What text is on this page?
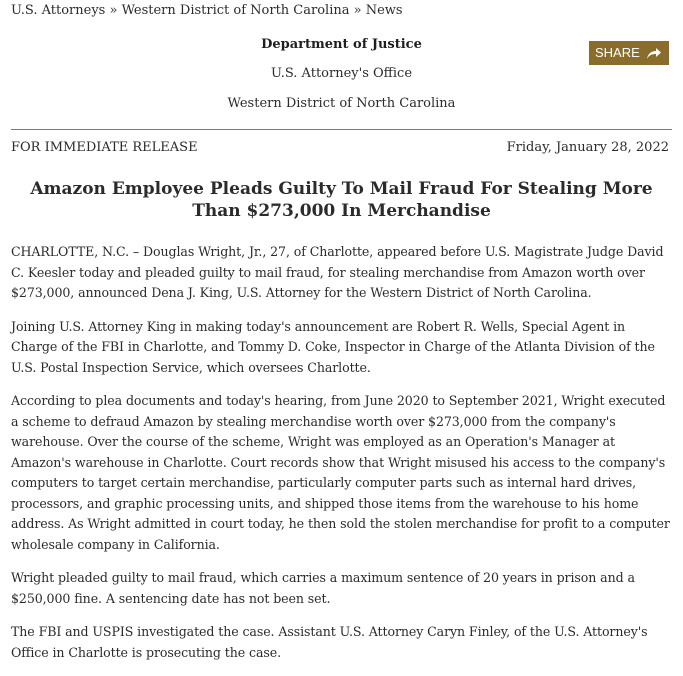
U.S. Attorneys » Western District of North Carolina » News
Department of Justice
U.S. Attorney's Office
Western District of North Carolina
SHARE
FOR IMMEDIATE RELEASE	Friday, January 28, 2022
Amazon Employee Pleads Guilty To Mail Fraud For Stealing More Than $273,000 In Merchandise

CHARLOTTE, N.C. – Douglas Wright, Jr., 27, of Charlotte, appeared before U.S. Magistrate Judge David C. Keesler today and pleaded guilty to mail fraud, for stealing merchandise from Amazon worth over $273,000, announced Dena J. King, U.S. Attorney for the Western District of North Carolina.

Joining U.S. Attorney King in making today's announcement are Robert R. Wells, Special Agent in Charge of the FBI in Charlotte, and Tommy D. Coke, Inspector in Charge of the Atlanta Division of the U.S. Postal Inspection Service, which oversees Charlotte.

According to plea documents and today's hearing, from June 2020 to September 2021, Wright executed a scheme to defraud Amazon by stealing merchandise worth over $273,000 from the company's warehouse. Over the course of the scheme, Wright was employed as an Operation's Manager at Amazon's warehouse in Charlotte. Court records show that Wright misused his access to the company's computers to target certain merchandise, particularly computer parts such as internal hard drives, processors, and graphic processing units, and shipped those items from the warehouse to his home address. As Wright admitted in court today, he then sold the stolen merchandise for profit to a computer wholesale company in California.

Wright pleaded guilty to mail fraud, which carries a maximum sentence of 20 years in prison and a $250,000 fine. A sentencing date has not been set.

The FBI and USPIS investigated the case. Assistant U.S. Attorney Caryn Finley, of the U.S. Attorney's Office in Charlotte is prosecuting the case.
